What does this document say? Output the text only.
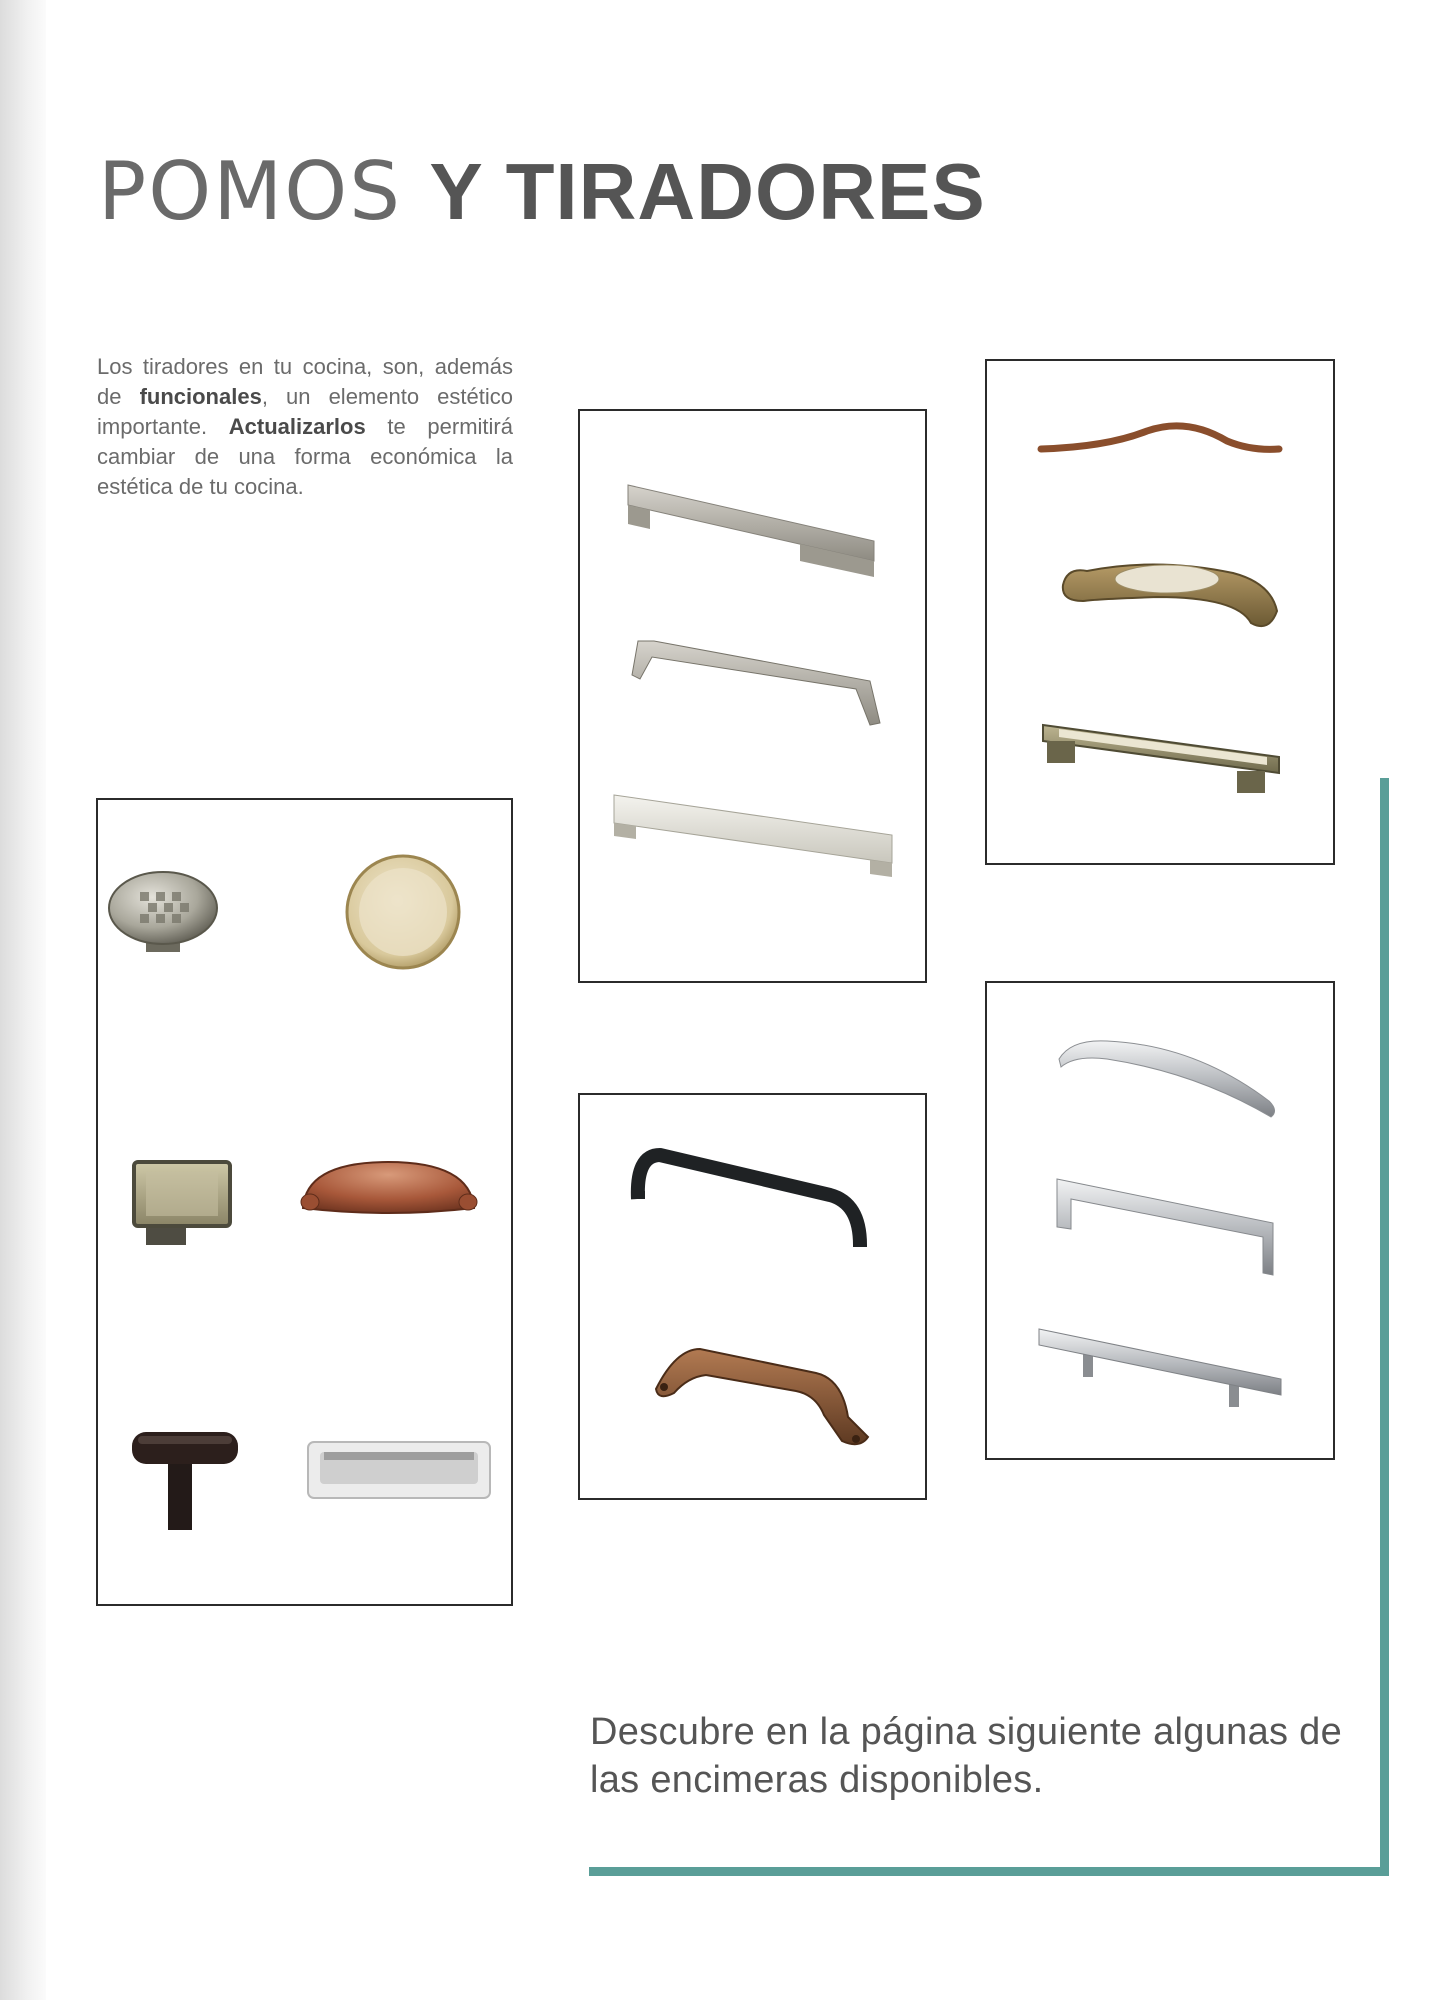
POMOS Y TIRADORES

Los tiradores en tu cocina, son, además de funcionales, un elemento estético importante. Actualizarlos te permitirá cambiar de una forma económica la estética de tu cocina.

Descubre en la página siguiente algunas de las encimeras disponibles.
